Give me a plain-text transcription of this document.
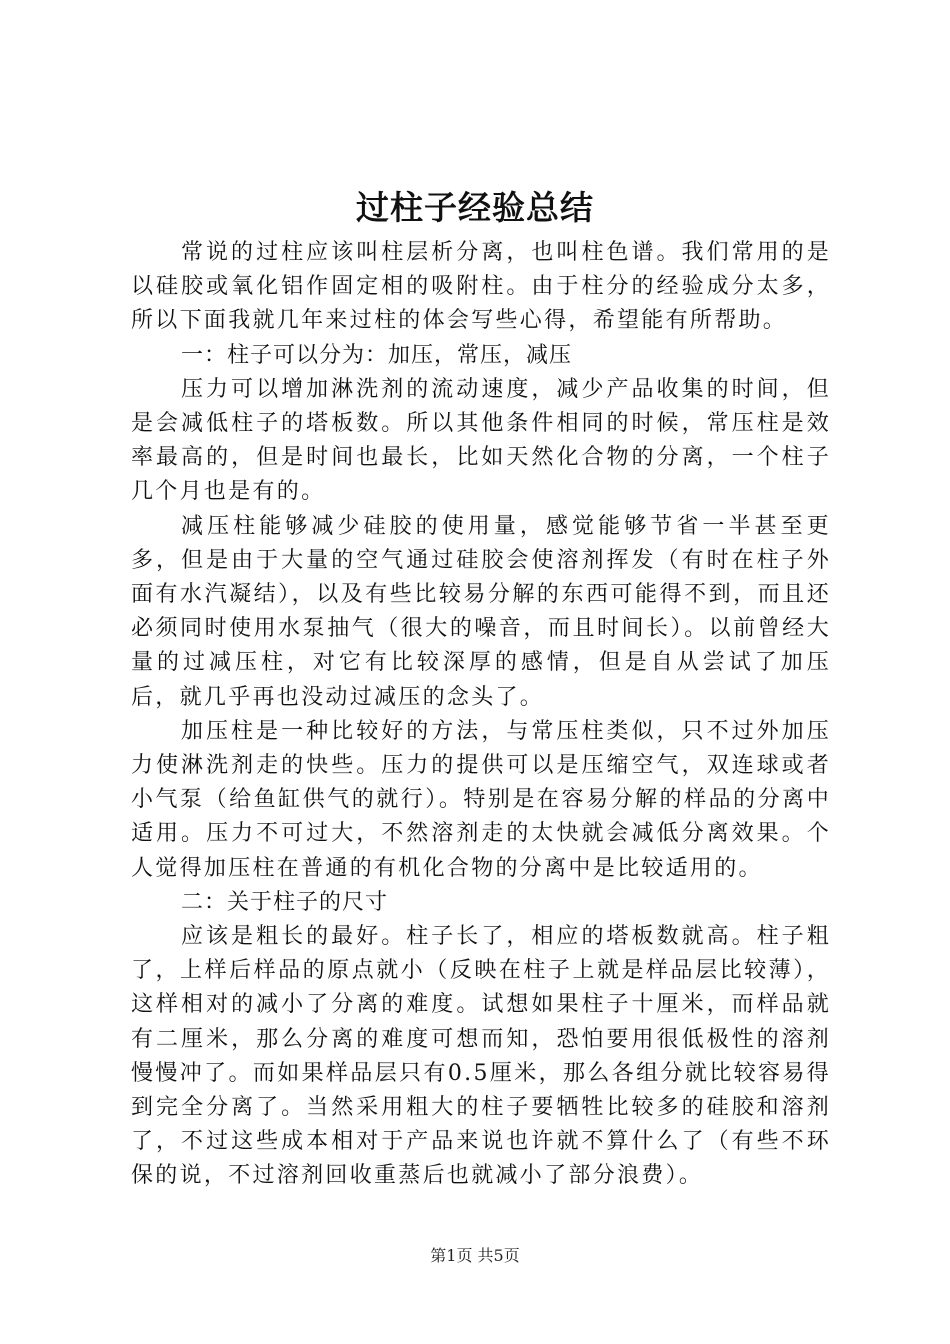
过柱子经验总结

常说的过柱应该叫柱层析分离，也叫柱色谱。我们常用的是以硅胶或氧化铝作固定相的吸附柱。由于柱分的经验成分太多，所以下面我就几年来过柱的体会写些心得，希望能有所帮助。

一：柱子可以分为：加压，常压，减压

压力可以增加淋洗剂的流动速度，减少产品收集的时间，但是会减低柱子的塔板数。所以其他条件相同的时候，常压柱是效率最高的，但是时间也最长，比如天然化合物的分离，一个柱子几个月也是有的。

减压柱能够减少硅胶的使用量，感觉能够节省一半甚至更多，但是由于大量的空气通过硅胶会使溶剂挥发（有时在柱子外面有水汽凝结），以及有些比较易分解的东西可能得不到，而且还必须同时使用水泵抽气（很大的噪音，而且时间长）。以前曾经大量的过减压柱，对它有比较深厚的感情，但是自从尝试了加压后，就几乎再也没动过减压的念头了。

加压柱是一种比较好的方法，与常压柱类似，只不过外加压力使淋洗剂走的快些。压力的提供可以是压缩空气，双连球或者小气泵（给鱼缸供气的就行）。特别是在容易分解的样品的分离中适用。压力不可过大，不然溶剂走的太快就会减低分离效果。个人觉得加压柱在普通的有机化合物的分离中是比较适用的。

二：关于柱子的尺寸

应该是粗长的最好。柱子长了，相应的塔板数就高。柱子粗了，上样后样品的原点就小（反映在柱子上就是样品层比较薄），这样相对的减小了分离的难度。试想如果柱子十厘米，而样品就有二厘米，那么分离的难度可想而知，恐怕要用很低极性的溶剂慢慢冲了。而如果样品层只有0.5厘米，那么各组分就比较容易得到完全分离了。当然采用粗大的柱子要牺牲比较多的硅胶和溶剂了，不过这些成本相对于产品来说也许就不算什么了（有些不环保的说，不过溶剂回收重蒸后也就减小了部分浪费）。

第1页 共5页
